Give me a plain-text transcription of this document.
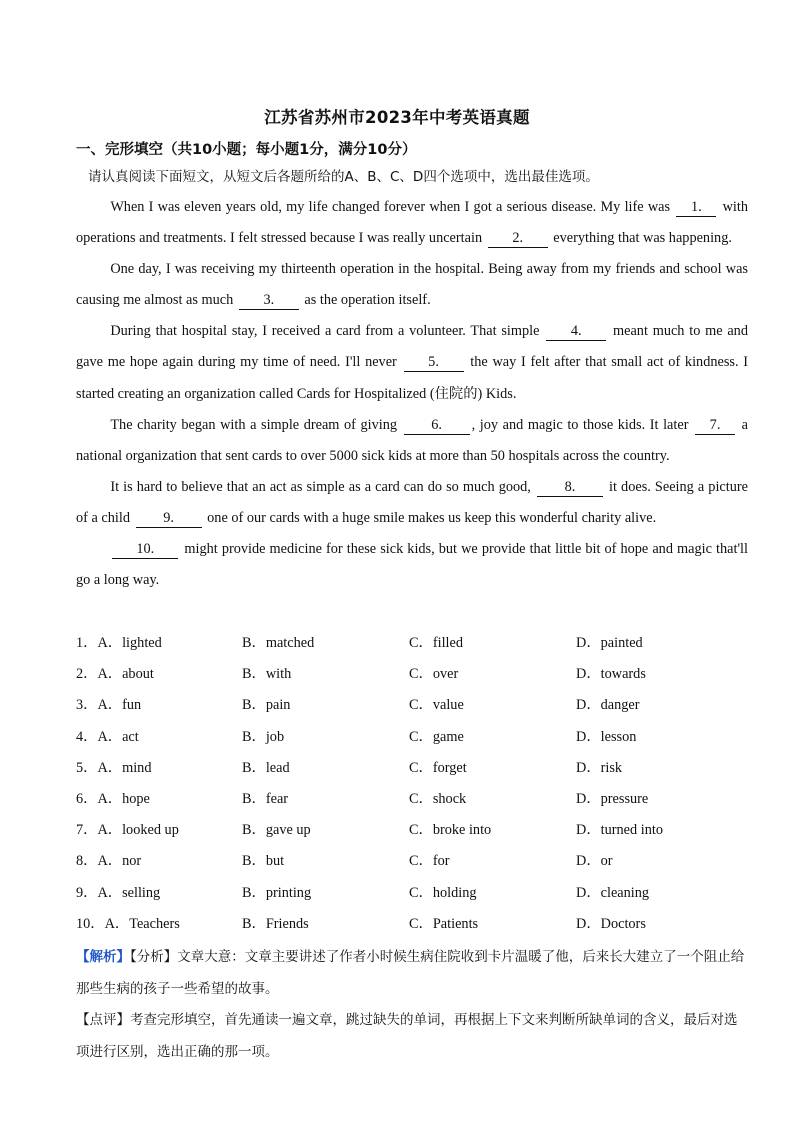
江苏省苏州市2023年中考英语真题
一、完形填空（共10小题；每小题1分，满分10分）
请认真阅读下面短文，从短文后各题所给的A、B、C、D四个选项中，选出最佳选项。

When I was eleven years old, my life changed forever when I got a serious disease. My life was 1. with operations and treatments. I felt stressed because I was really uncertain 2. everything that was happening.

One day, I was receiving my thirteenth operation in the hospital. Being away from my friends and school was causing me almost as much 3. as the operation itself.

During that hospital stay, I received a card from a volunteer. That simple 4. meant much to me and gave me hope again during my time of need. I'll never 5. the way I felt after that small act of kindness. I started creating an organization called Cards for Hospitalized (住院的) Kids.

The charity began with a simple dream of giving 6. , joy and magic to those kids. It later 7. a national organization that sent cards to over 5000 sick kids at more than 50 hospitals across the country.

It is hard to believe that an act as simple as a card can do so much good, 8. it does. Seeing a picture of a child 9. one of our cards with a huge smile makes us keep this wonderful charity alive.

10. might provide medicine for these sick kids, but we provide that little bit of hope and magic that'll go a long way.

1．A．lighted	B．matched	C．filled	D．painted
2．A．about	B．with	C．over	D．towards
3．A．fun	B．pain	C．value	D．danger
4．A．act	B．job	C．game	D．lesson
5．A．mind	B．lead	C．forget	D．risk
6．A．hope	B．fear	C．shock	D．pressure
7．A．looked up	B．gave up	C．broke into	D．turned into
8．A．nor	B．but	C．for	D．or
9．A．selling	B．printing	C．holding	D．cleaning
10．A．Teachers	B．Friends	C．Patients	D．Doctors

【解析】【分析】文章大意：文章主要讲述了作者小时候生病住院收到卡片温暖了他，后来长大建立了一个阻止给那些生病的孩子一些希望的故事。

【点评】考查完形填空，首先通读一遍文章，跳过缺失的单词，再根据上下文来判断所缺单词的含义，最后对选项进行区别，选出正确的那一项。
